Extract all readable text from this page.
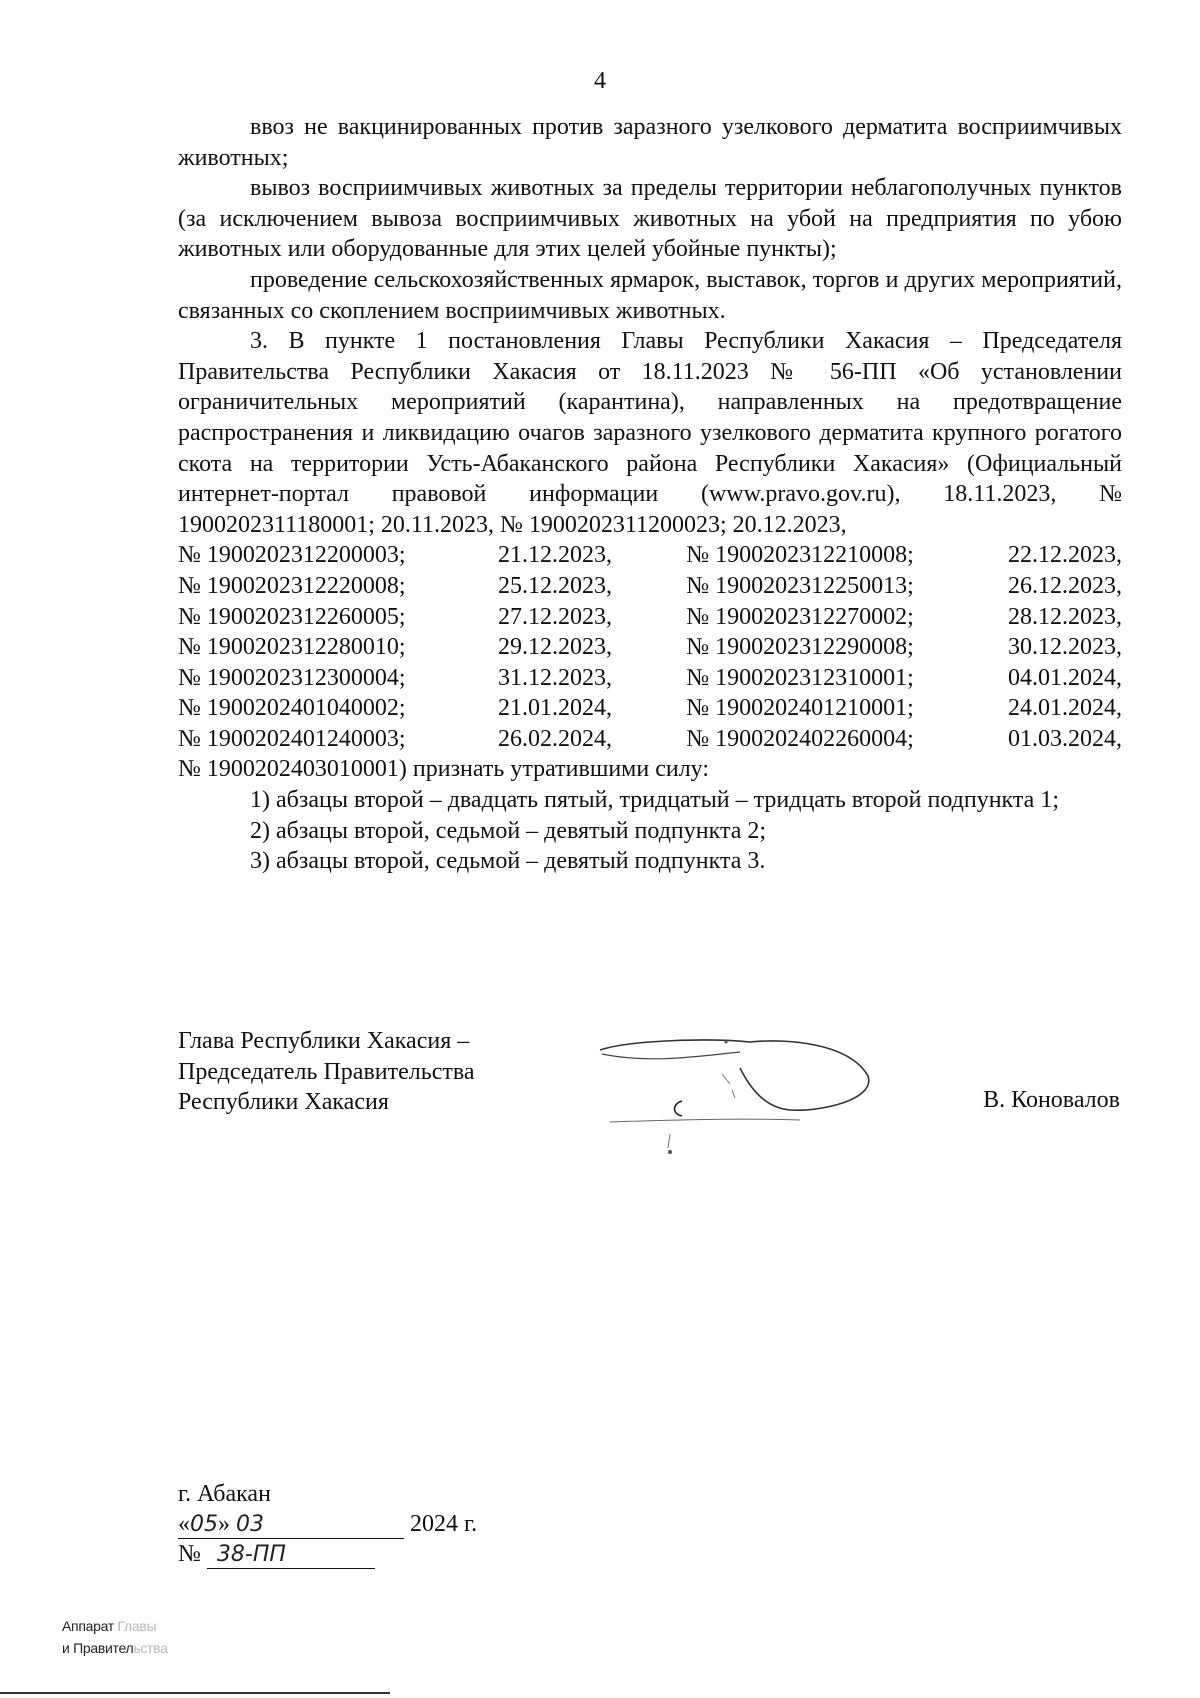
4

ввоз не вакцинированных против заразного узелкового дерматита восприимчивых животных;

вывоз восприимчивых животных за пределы территории неблагополучных пунктов (за исключением вывоза восприимчивых животных на убой на предприятия по убою животных или оборудованные для этих целей убойные пункты);

проведение сельскохозяйственных ярмарок, выставок, торгов и других мероприятий, связанных со скоплением восприимчивых животных.

3. В пункте 1 постановления Главы Республики Хакасия – Председателя Правительства Республики Хакасия от 18.11.2023 № 56-ПП «Об установлении ограничительных мероприятий (карантина), направленных на предотвращение распространения и ликвидацию очагов заразного узелкового дерматита крупного рогатого скота на территории Усть-Абаканского района Республики Хакасия» (Официальный интернет-портал правовой информации (www.pravo.gov.ru), 18.11.2023, № 1900202311180001; 20.11.2023, № 1900202311200023; 20.12.2023,

№ 1900202312200003;	21.12.2023,	№ 1900202312210008;	22.12.2023,
№ 1900202312220008;	25.12.2023,	№ 1900202312250013;	26.12.2023,
№ 1900202312260005;	27.12.2023,	№ 1900202312270002;	28.12.2023,
№ 1900202312280010;	29.12.2023,	№ 1900202312290008;	30.12.2023,
№ 1900202312300004;	31.12.2023,	№ 1900202312310001;	04.01.2024,
№ 1900202401040002;	21.01.2024,	№ 1900202401210001;	24.01.2024,
№ 1900202401240003;	26.02.2024,	№ 1900202402260004;	01.03.2024,

№ 1900202403010001) признать утратившими силу:

1) абзацы второй – двадцать пятый, тридцатый – тридцать второй подпункта 1;

2) абзацы второй, седьмой – девятый подпункта 2;

3) абзацы второй, седьмой – девятый подпункта 3.

Глава Республики Хакасия –
Председатель Правительства
Республики Хакасия	В. Коновалов
г. Абакан
«05» 03	2024 г.
№ 38-ПП
Аппарат Главы
и Правительства
